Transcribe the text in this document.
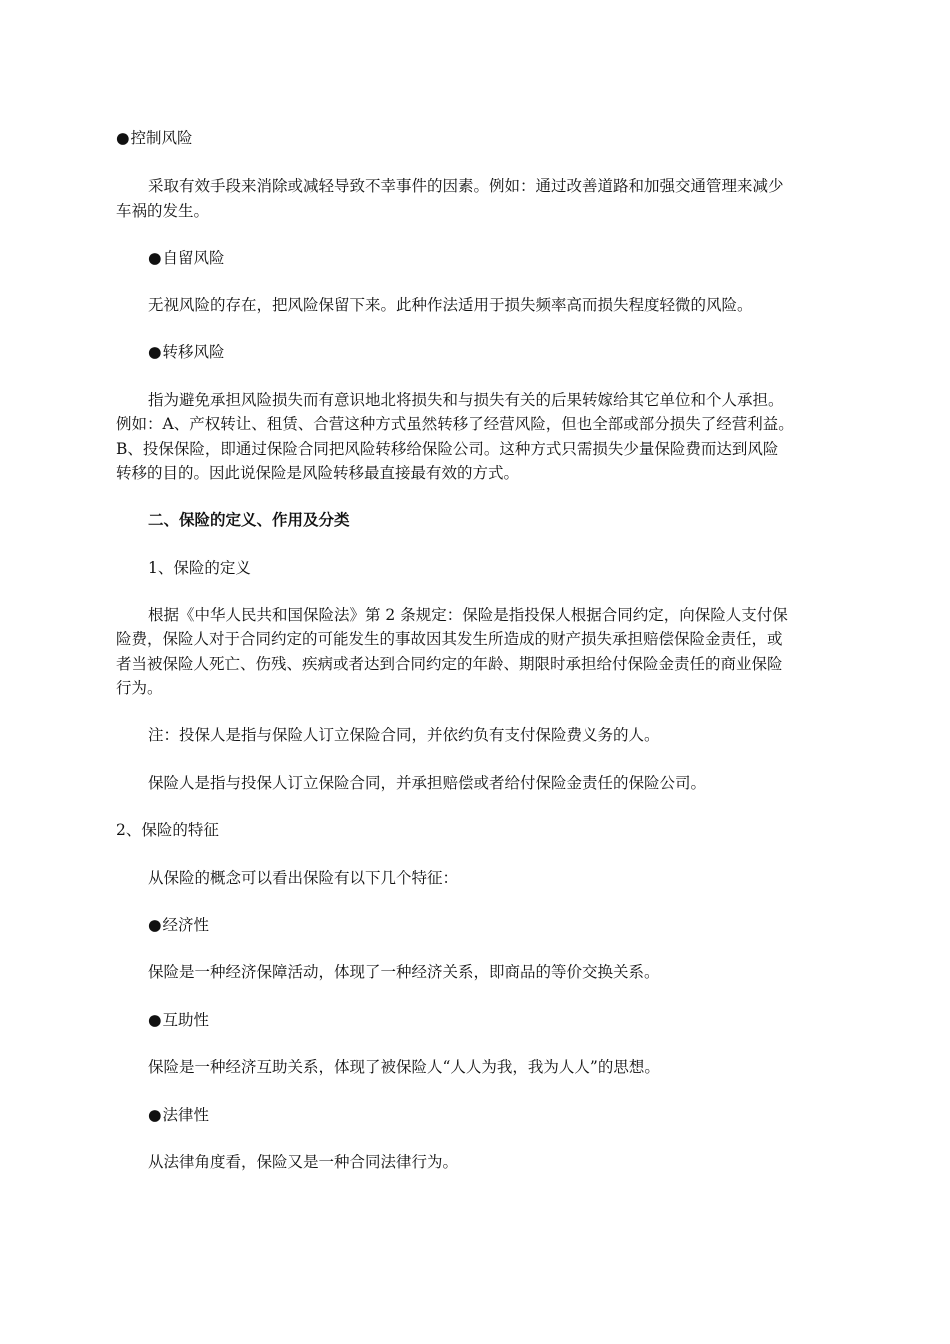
● 控制风险

采取有效手段来消除或减轻导致不幸事件的因素。例如：通过改善道路和加强交通管理来减少

车祸的发生。

● 自留风险

无视风险的存在，把风险保留下来。此种作法适用于损失频率高而损失程度轻微的风险。

● 转移风险

指为避免承担风险损失而有意识地北将损失和与损失有关的后果转嫁给其它单位和个人承担。

例如：A、产权转让、租赁、合营这种方式虽然转移了经营风险，但也全部或部分损失了经营利益。

B、投保保险，即通过保险合同把风险转移给保险公司。这种方式只需损失少量保险费而达到风险

转移的目的。因此说保险是风险转移最直接最有效的方式。

二、保险的定义、作用及分类

1、保险的定义

根据《中华人民共和国保险法》第 2 条规定：保险是指投保人根据合同约定，向保险人支付保

险费，保险人对于合同约定的可能发生的事故因其发生所造成的财产损失承担赔偿保险金责任，或

者当被保险人死亡、伤残、疾病或者达到合同约定的年龄、期限时承担给付保险金责任的商业保险

行为。

注：投保人是指与保险人订立保险合同，并依约负有支付保险费义务的人。

保险人是指与投保人订立保险合同，并承担赔偿或者给付保险金责任的保险公司。

2、保险的特征

从保险的概念可以看出保险有以下几个特征：

● 经济性

保险是一种经济保障活动，体现了一种经济关系，即商品的等价交换关系。

● 互助性

保险是一种经济互助关系，体现了被保险人“人人为我，我为人人”的思想。

● 法律性

从法律角度看，保险又是一种合同法律行为。
